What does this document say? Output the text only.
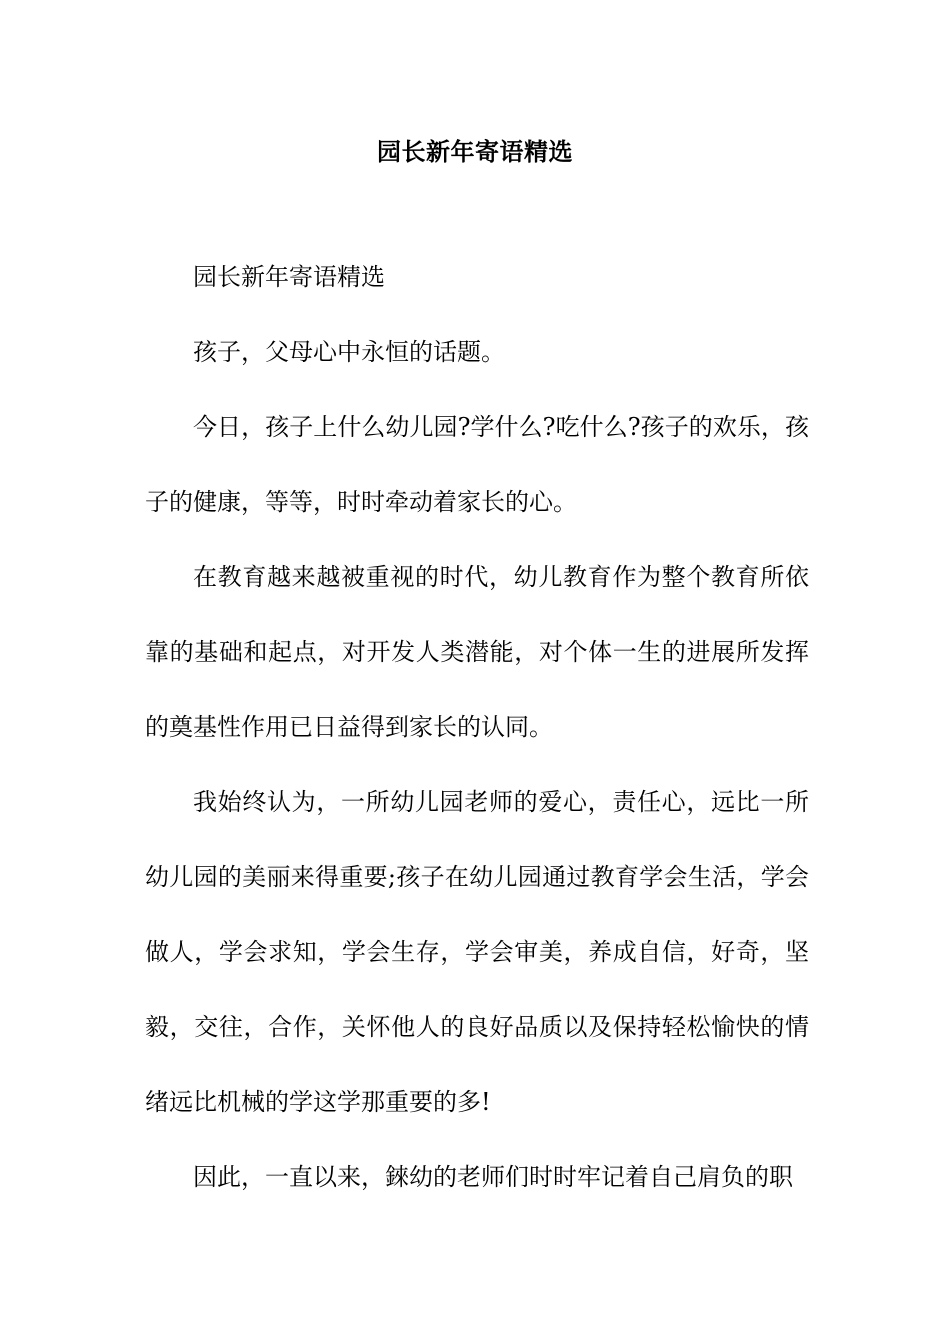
园长新年寄语精选

园长新年寄语精选

孩子，父母心中永恒的话题。

今日，孩子上什么幼儿园?学什么?吃什么?孩子的欢乐，孩子的健康，等等，时时牵动着家长的心。

在教育越来越被重视的时代，幼儿教育作为整个教育所依靠的基础和起点，对开发人类潜能，对个体一生的进展所发挥的奠基性作用已日益得到家长的认同。

我始终认为，一所幼儿园老师的爱心，责任心，远比一所幼儿园的美丽来得重要;孩子在幼儿园通过教育学会生活，学会做人，学会求知，学会生存，学会审美，养成自信，好奇，坚毅，交往，合作，关怀他人的良好品质以及保持轻松愉快的情绪远比机械的学这学那重要的多!

因此，一直以来，錸幼的老师们时时牢记着自己肩负的职
